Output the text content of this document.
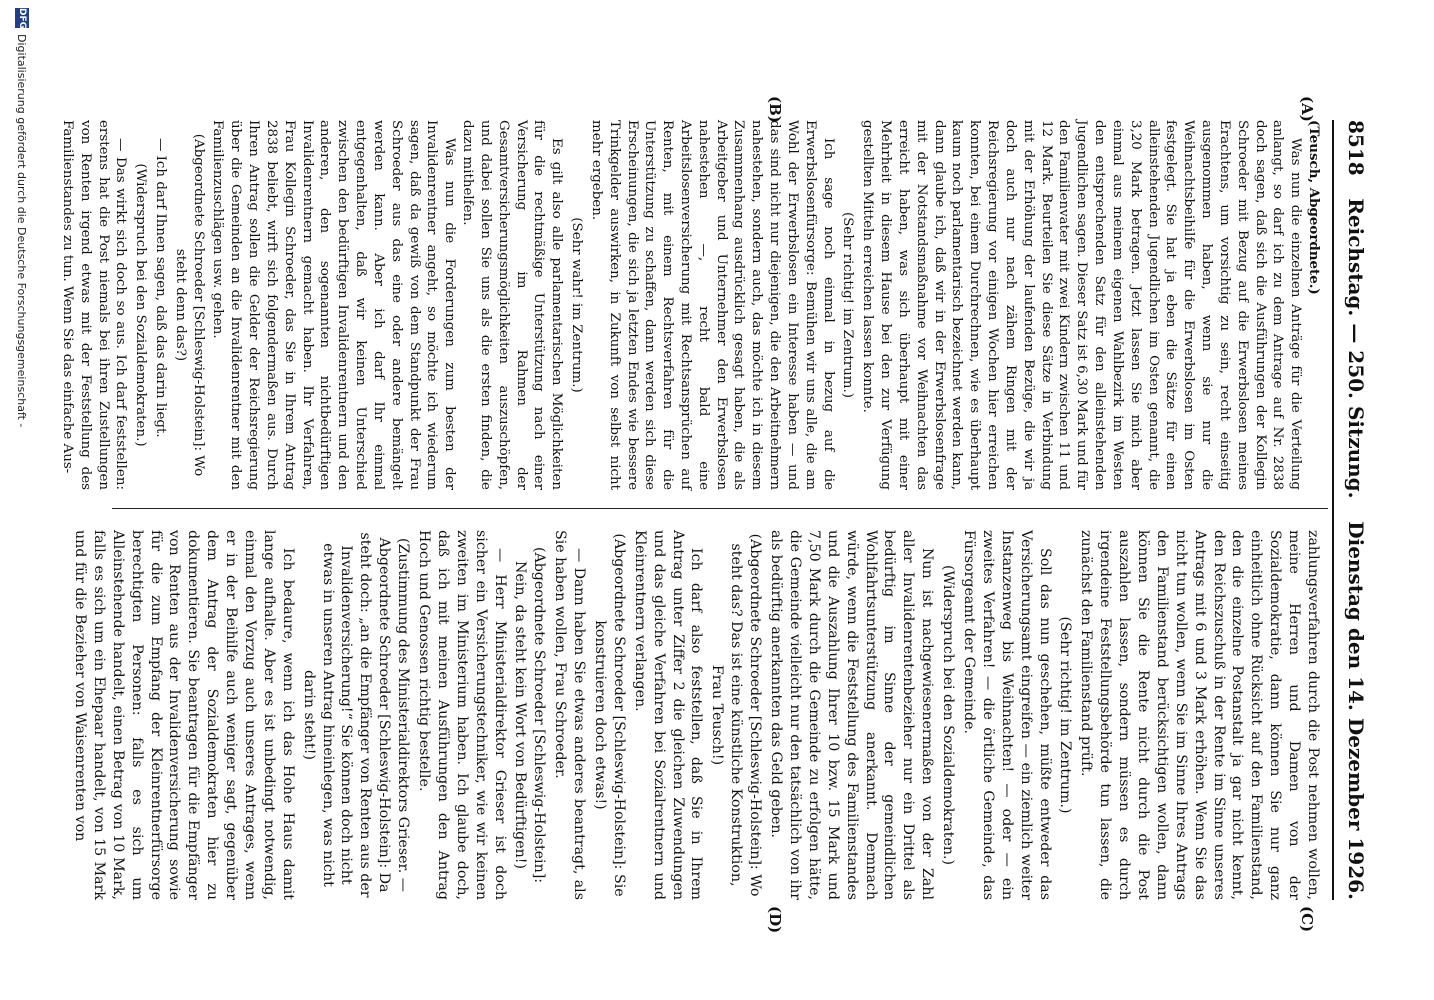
8518
Reichstag. — 250. Sitzung.
Dienstag den 14. Dezember 1926.
(A)
(B)
(C)
(D)

(Teusch, Abgeordnete.)

Was nun die einzelnen Anträge für die Verteilung anlangt, so darf ich zu dem Antrage auf Nr. 2838 doch sagen, daß sich die Ausführungen der Kollegin Schroeder mit Bezug auf die Erwerbslosen meines Erachtens, um vorsichtig zu sein, recht einseitig ausgenommen haben, wenn sie nur die Weihnachtsbeihilfe für die Erwerbslosen im Osten festgelegt. Sie hat ja eben die Sätze für einen alleinstehenden Jugendlichen im Osten genannt, die 3,20 Mark betragen. Jetzt lassen Sie mich aber einmal aus meinem eigenen Wahlbezirk im Westen den entsprechenden Satz für den alleinstehenden Jugendlichen sagen. Dieser Satz ist 6,30 Mark und für den Familienvater mit zwei Kindern zwischen 11 und 12 Mark. Beurteilen Sie diese Sätze in Verbindung mit der Erhöhung der laufenden Bezüge, die wir ja doch auch nur nach zähem Ringen mit der Reichsregierung vor einigen Wochen hier erreichen konnten, bei einem Durchrechnen, wie es überhaupt kaum noch parlamentarisch bezeichnet werden kann, dann glaube ich, daß wir in der Erwerbslosenfrage mit der Notstandsmaßnahme vor Weihnachten das erreicht haben, was sich überhaupt mit einer Mehrheit in diesem Hause bei den zur Verfügung gestellten Mitteln erreichen lassen konnte.

(Sehr richtig! im Zentrum.)

Ich sage noch einmal in bezug auf die Erwerbslosenfürsorge: Bemühen wir uns alle, die am Wohl der Erwerbslosen ein Interesse haben — und das sind nicht nur diejenigen, die den Arbeitnehmern nahestehen, sondern auch, das möchte ich in diesem Zusammenhang ausdrücklich gesagt haben, die als Arbeitgeber und Unternehmer den Erwerbslosen nahestehen —, recht bald eine Arbeitslosenversicherung mit Rechtsansprüchen auf Renten, mit einem Rechtsverfahren für die Unterstützung zu schaffen, dann werden sich diese Erscheinungen, die sich ja letzten Endes wie bessere Trinkgelder auswirken, in Zukunft von selbst nicht mehr ergeben.

(Sehr wahr! im Zentrum.)

Es gilt also alle parlamentarischen Möglichkeiten für die rechtmäßige Unterstützung nach einer Versicherung im Rahmen der Gesamtversicherungsmöglichkeiten auszuschöpfen, und dabei sollen Sie uns als die ersten finden, die dazu mithelfen.

Was nun die Forderungen zum besten der Invalidenrentner angeht, so möchte ich wiederum sagen, daß da gewiß von dem Standpunkt der Frau Schroeder aus das eine oder andere bemängelt werden kann. Aber ich darf Ihr einmal entgegenhalten, daß wir keinen Unterschied zwischen den bedürftigen Invalidenrentnern und den anderen, den sogenannten nichtbedürftigen Invalidenrentnern gemacht haben. Ihr Verfahren, Frau Kollegin Schroeder, das Sie in Ihrem Antrag 2838 beliebt, wirft sich folgendermaßen aus. Durch Ihren Antrag sollen die Gelder der Reichsregierung über die Gemeinden an die Invalidenrentner mit den Familienzuschlägen usw. gehen.

(Abgeordnete Schroeder [Schleswig-Holstein]: Wo steht denn das?)

— Ich darf Ihnen sagen, daß das darin liegt.

(Widerspruch bei den Sozialdemokraten.)

— Das wirkt sich doch so aus. Ich darf feststellen: erstens hat die Post niemals bei ihren Zustellungen von Renten irgend etwas mit der Feststellung des Familienstandes zu tun. Wenn Sie das einfache Aus-

zahlungsverfahren durch die Post nehmen wollen, meine Herren und Damen von der Sozialdemokratie, dann können Sie nur ganz einheitlich ohne Rücksicht auf den Familienstand, den die einzelne Postanstalt ja gar nicht kennt, den Reichszuschuß in der Rente im Sinne unseres Antrags mit 6 und 3 Mark erhöhen. Wenn Sie das nicht tun wollen, wenn Sie im Sinne Ihres Antrags den Familienstand berücksichtigen wollen, dann können Sie die Rente nicht durch die Post auszahlen lassen, sondern müssen es durch irgendeine Feststellungsbehörde tun lassen, die zunächst den Familienstand prüft.

(Sehr richtig! im Zentrum.)

Soll das nun geschehen, müßte entweder das Versicherungsamt eingreifen — ein ziemlich weiter Instanzenweg bis Weihnachten! — oder — ein zweites Verfahren! — die örtliche Gemeinde, das Fürsorgeamt der Gemeinde.

(Widerspruch bei den Sozialdemokraten.)

Nun ist nachgewiesenermaßen von der Zahl aller Invalidenrentenbezieher nur ein Drittel als bedürftig im Sinne der gemeindlichen Wohlfahrtsunterstützung anerkannt. Demnach würde, wenn die Feststellung des Familienstandes und die Auszahlung Ihrer 10 bzw. 15 Mark und 7,50 Mark durch die Gemeinde zu erfolgen hätte, die Gemeinde vielleicht nur den tatsächlich von ihr als bedürftig anerkannten das Geld geben.

(Abgeordnete Schroeder [Schleswig-Holstein]: Wo steht das? Das ist eine künstliche Konstruktion, Frau Teusch!)

Ich darf also feststellen, daß Sie in Ihrem Antrag unter Ziffer 2 die gleichen Zuwendungen und das gleiche Verfahren bei Sozialrentnern und Kleinrentnern verlangen.

(Abgeordnete Schroeder [Schleswig-Holstein]: Sie konstruieren doch etwas!)

— Dann haben Sie etwas anderes beantragt, als Sie haben wollen, Frau Schroeder.

(Abgeordnete Schroeder [Schleswig-Holstein]: Nein, da steht kein Wort von Bedürftigen!)

— Herr Ministerialdirektor Grieser ist doch sicher ein Versicherungstechniker, wie wir keinen zweiten im Ministerium haben. Ich glaube doch, daß ich mit meinen Ausführungen den Antrag Hoch und Genossen richtig bestelle.

(Zustimmung des Ministerialdirektors Grieser. — Abgeordnete Schroeder [Schleswig-Holstein]: Da steht doch: „an die Empfänger von Renten aus der Invalidenversicherung!“ Sie können doch nicht etwas in unseren Antrag hineinlegen, was nicht darin steht!)

Ich bedaure, wenn ich das Hohe Haus damit lange aufhalte. Aber es ist unbedingt notwendig, einmal den Vorzug auch unseres Antrages, wenn er in der Beihilfe auch weniger sagt, gegenüber dem Antrag der Sozialdemokraten hier zu dokumentieren. Sie beantragen für die Empfänger von Renten aus der Invalidenversicherung sowie für die zum Empfang der Kleinrentnerfürsorge berechtigten Personen: falls es sich um Alleinstehende handelt, einen Betrag von 10 Mark, falls es sich um ein Ehepaar handelt, von 15 Mark und für die Bezieher von Waisenrenten von

DFG
Digitalisierung gefördert durch die Deutsche Forschungsgemeinschaft -
